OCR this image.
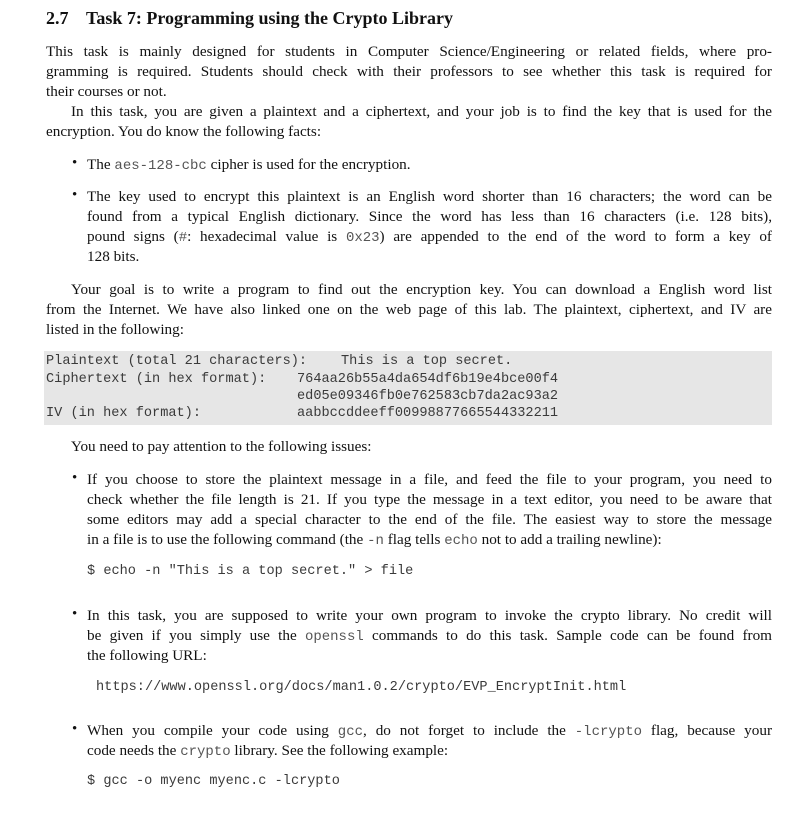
2.7 Task 7: Programming using the Crypto Library
This task is mainly designed for students in Computer Science/Engineering or related fields, where pro-
gramming is required. Students should check with their professors to see whether this task is required for
their courses or not.
In this task, you are given a plaintext and a ciphertext, and your job is to find the key that is used for the
encryption. You do know the following facts:
• The aes-128-cbc cipher is used for the encryption.
• The key used to encrypt this plaintext is an English word shorter than 16 characters; the word can be
found from a typical English dictionary. Since the word has less than 16 characters (i.e. 128 bits),
pound signs (#: hexadecimal value is 0x23) are appended to the end of the word to form a key of
128 bits.
Your goal is to write a program to find out the encryption key. You can download a English word list
from the Internet. We have also linked one on the web page of this lab. The plaintext, ciphertext, and IV are
listed in the following:
Plaintext (total 21 characters): This is a top secret.
Ciphertext (in hex format): 764aa26b55a4da654df6b19e4bce00f4
ed05e09346fb0e762583cb7da2ac93a2
IV (in hex format):	aabbccddeeff00998877665544332211
You need to pay attention to the following issues:
• If you choose to store the plaintext message in a file, and feed the file to your program, you need to
check whether the file length is 21. If you type the message in a text editor, you need to be aware that
some editors may add a special character to the end of the file. The easiest way to store the message
in a file is to use the following command (the -n flag tells echo not to add a trailing newline):
$ echo -n "This is a top secret." > file
• In this task, you are supposed to write your own program to invoke the crypto library. No credit will
be given if you simply use the openssl commands to do this task. Sample code can be found from
the following URL:
https://www.openssl.org/docs/man1.0.2/crypto/EVP_EncryptInit.html
• When you compile your code using gcc, do not forget to include the -lcrypto flag, because your
code needs the crypto library. See the following example:
$ gcc -o myenc myenc.c -lcrypto
